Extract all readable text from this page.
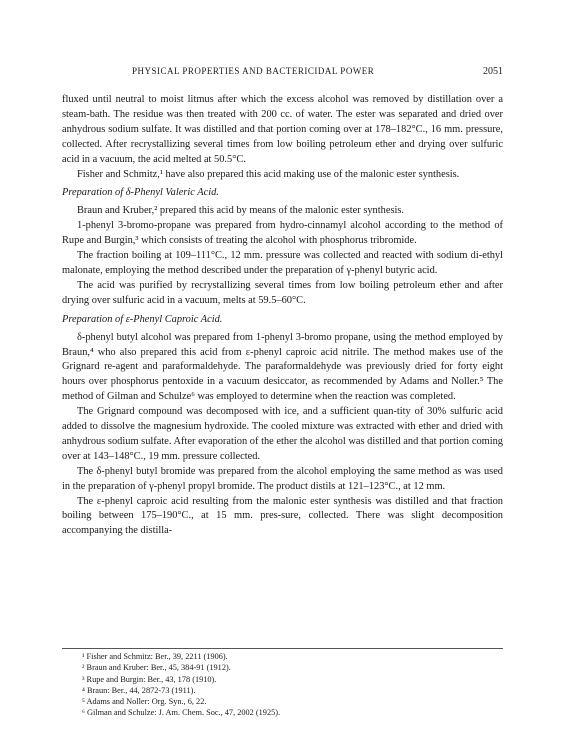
PHYSICAL PROPERTIES AND BACTERICIDAL POWER	2051

fluxed until neutral to moist litmus after which the excess alcohol was removed by distillation over a steam-bath. The residue was then treated with 200 cc. of water. The ester was separated and dried over anhydrous sodium sulfate. It was distilled and that portion coming over at 178–182°C., 16 mm. pressure, collected. After recrystallizing several times from low boiling petroleum ether and drying over sulfuric acid in a vacuum, the acid melted at 50.5°C.

Fisher and Schmitz,¹ have also prepared this acid making use of the malonic ester synthesis.

Preparation of δ-Phenyl Valeric Acid.

Braun and Kruber,² prepared this acid by means of the malonic ester synthesis.

1-phenyl 3-bromo-propane was prepared from hydro-cinnamyl alcohol according to the method of Rupe and Burgin,³ which consists of treating the alcohol with phosphorus tribromide.

The fraction boiling at 109–111°C., 12 mm. pressure was collected and reacted with sodium di-ethyl malonate, employing the method described under the preparation of γ-phenyl butyric acid.

The acid was purified by recrystallizing several times from low boiling petroleum ether and after drying over sulfuric acid in a vacuum, melts at 59.5–60°C.

Preparation of ε-Phenyl Caproic Acid.

δ-phenyl butyl alcohol was prepared from 1-phenyl 3-bromo propane, using the method employed by Braun,⁴ who also prepared this acid from ε-phenyl caproic acid nitrile. The method makes use of the Grignard re-agent and paraformaldehyde. The paraformaldehyde was previously dried for forty eight hours over phosphorus pentoxide in a vacuum desiccator, as recommended by Adams and Noller.⁵ The method of Gilman and Schulze⁶ was employed to determine when the reaction was completed.

The Grignard compound was decomposed with ice, and a sufficient quan-tity of 30% sulfuric acid added to dissolve the magnesium hydroxide. The cooled mixture was extracted with ether and dried with anhydrous sodium sulfate. After evaporation of the ether the alcohol was distilled and that portion coming over at 143–148°C., 19 mm. pressure collected.

The δ-phenyl butyl bromide was prepared from the alcohol employing the same method as was used in the preparation of γ-phenyl propyl bromide. The product distils at 121–123°C., at 12 mm.

The ε-phenyl caproic acid resulting from the malonic ester synthesis was distilled and that fraction boiling between 175–190°C., at 15 mm. pres-sure, collected. There was slight decomposition accompanying the distilla-

¹ Fisher and Schmitz: Ber., 39, 2211 (1906).
² Braun and Kruber: Ber., 45, 384-91 (1912).
³ Rupe and Burgin: Ber., 43, 178 (1910).
⁴ Braun: Ber., 44, 2872-73 (1911).
⁵ Adams and Noller: Org. Syn., 6, 22.
⁶ Gilman and Schulze: J. Am. Chem. Soc., 47, 2002 (1925).
